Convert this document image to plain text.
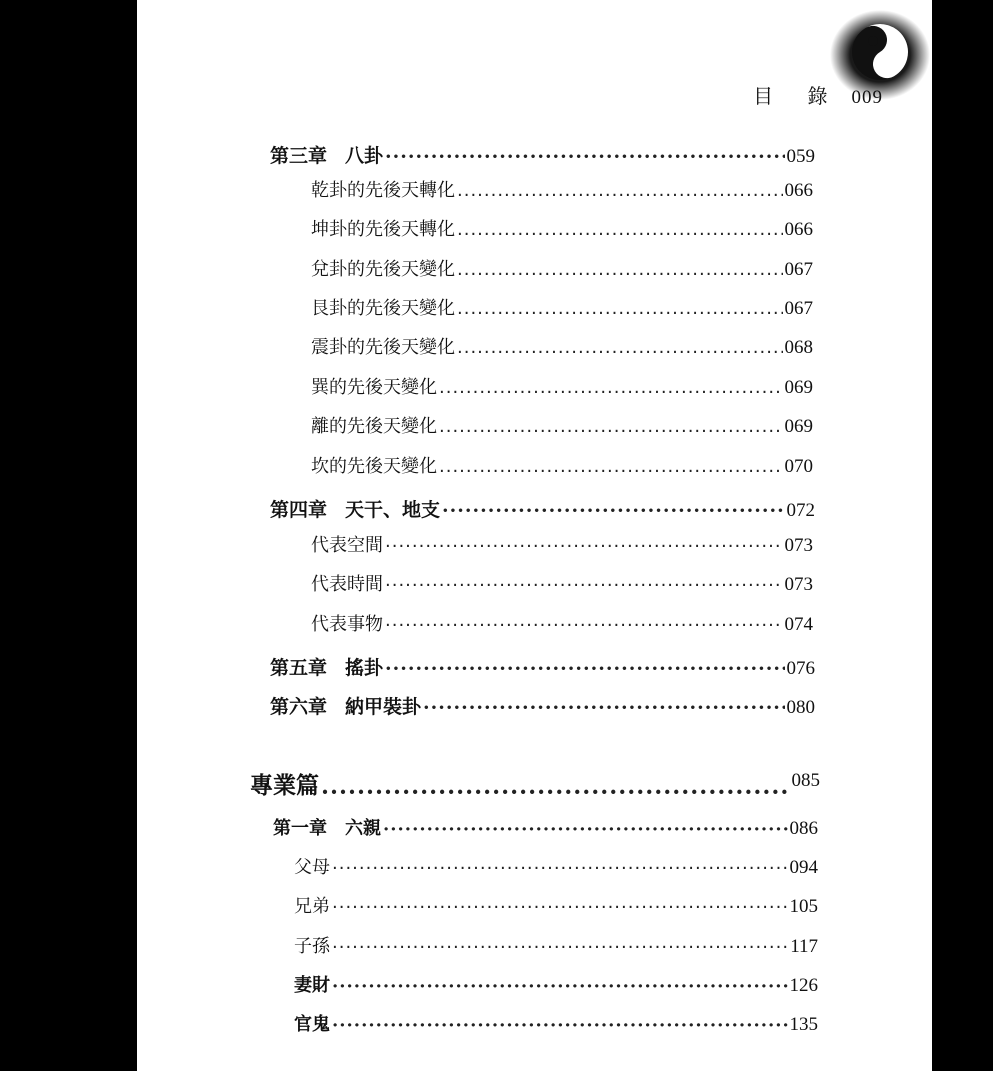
目 錄 009
第三章 八卦 ·····	059
乾卦的先後天轉化 ·····	066
坤卦的先後天轉化 ·····	066
兌卦的先後天變化 ·····	067
艮卦的先後天變化 ·····	067
震卦的先後天變化 ·····	068
巽的先後天變化 ·····	069
離的先後天變化 ·····	069
坎的先後天變化 ·····	070
第四章 天干、地支 ·····	072
代表空間 ·····	073
代表時間 ·····	073
代表事物 ·····	074
第五章 搖卦 ·····	076
第六章 納甲裝卦 ·····	080
專業篇 ·····	085
第一章 六親 ·····	086
父母 ·····	094
兄弟 ·····	105
子孫 ·····	117
妻財 ·····	126
官鬼 ·····	135
